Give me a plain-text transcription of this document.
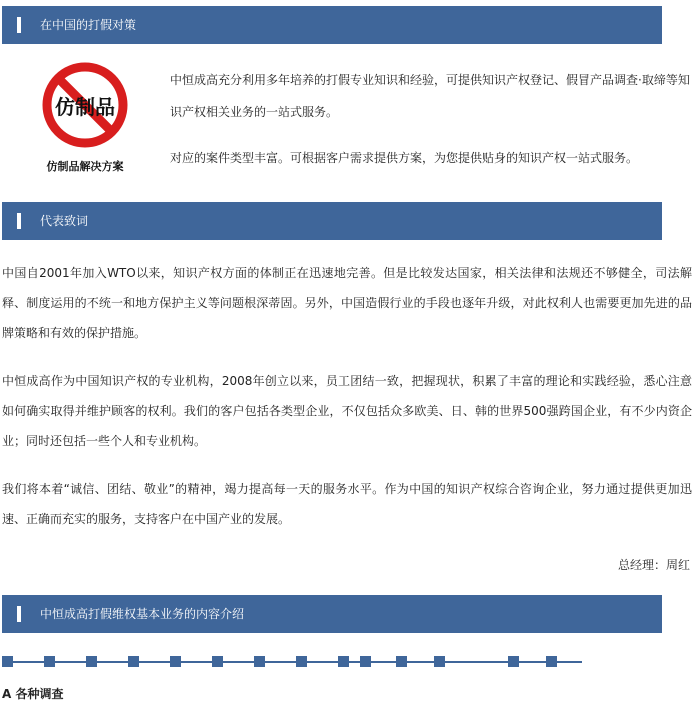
在中国的打假对策
仿制品
仿制品解决方案

中恒成高充分利用多年培养的打假专业知识和经验，可提供知识产权登记、假冒产品调查·取缔等知识产权相关业务的一站式服务。

对应的案件类型丰富。可根据客户需求提供方案，为您提供贴身的知识产权一站式服务。

代表致词

中国自2001年加入WTO以来，知识产权方面的体制正在迅速地完善。但是比较发达国家，相关法律和法规还不够健全，司法解释、制度运用的不统一和地方保护主义等问题根深蒂固。另外，中国造假行业的手段也逐年升级，对此权利人也需要更加先进的品牌策略和有效的保护措施。

中恒成高作为中国知识产权的专业机构，2008年创立以来，员工团结一致，把握现状，积累了丰富的理论和实践经验，悉心注意如何确实取得并维护顾客的权利。我们的客户包括各类型企业，不仅包括众多欧美、日、韩的世界500强跨国企业，有不少内资企业；同时还包括一些个人和专业机构。

我们将本着“诚信、团结、敬业”的精神，竭力提高每一天的服务水平。作为中国的知识产权综合咨询企业，努力通过提供更加迅速、正确而充实的服务，支持客户在中国产业的发展。

总经理：周红
中恒成高打假维权基本业务的内容介绍
A 各种调查
